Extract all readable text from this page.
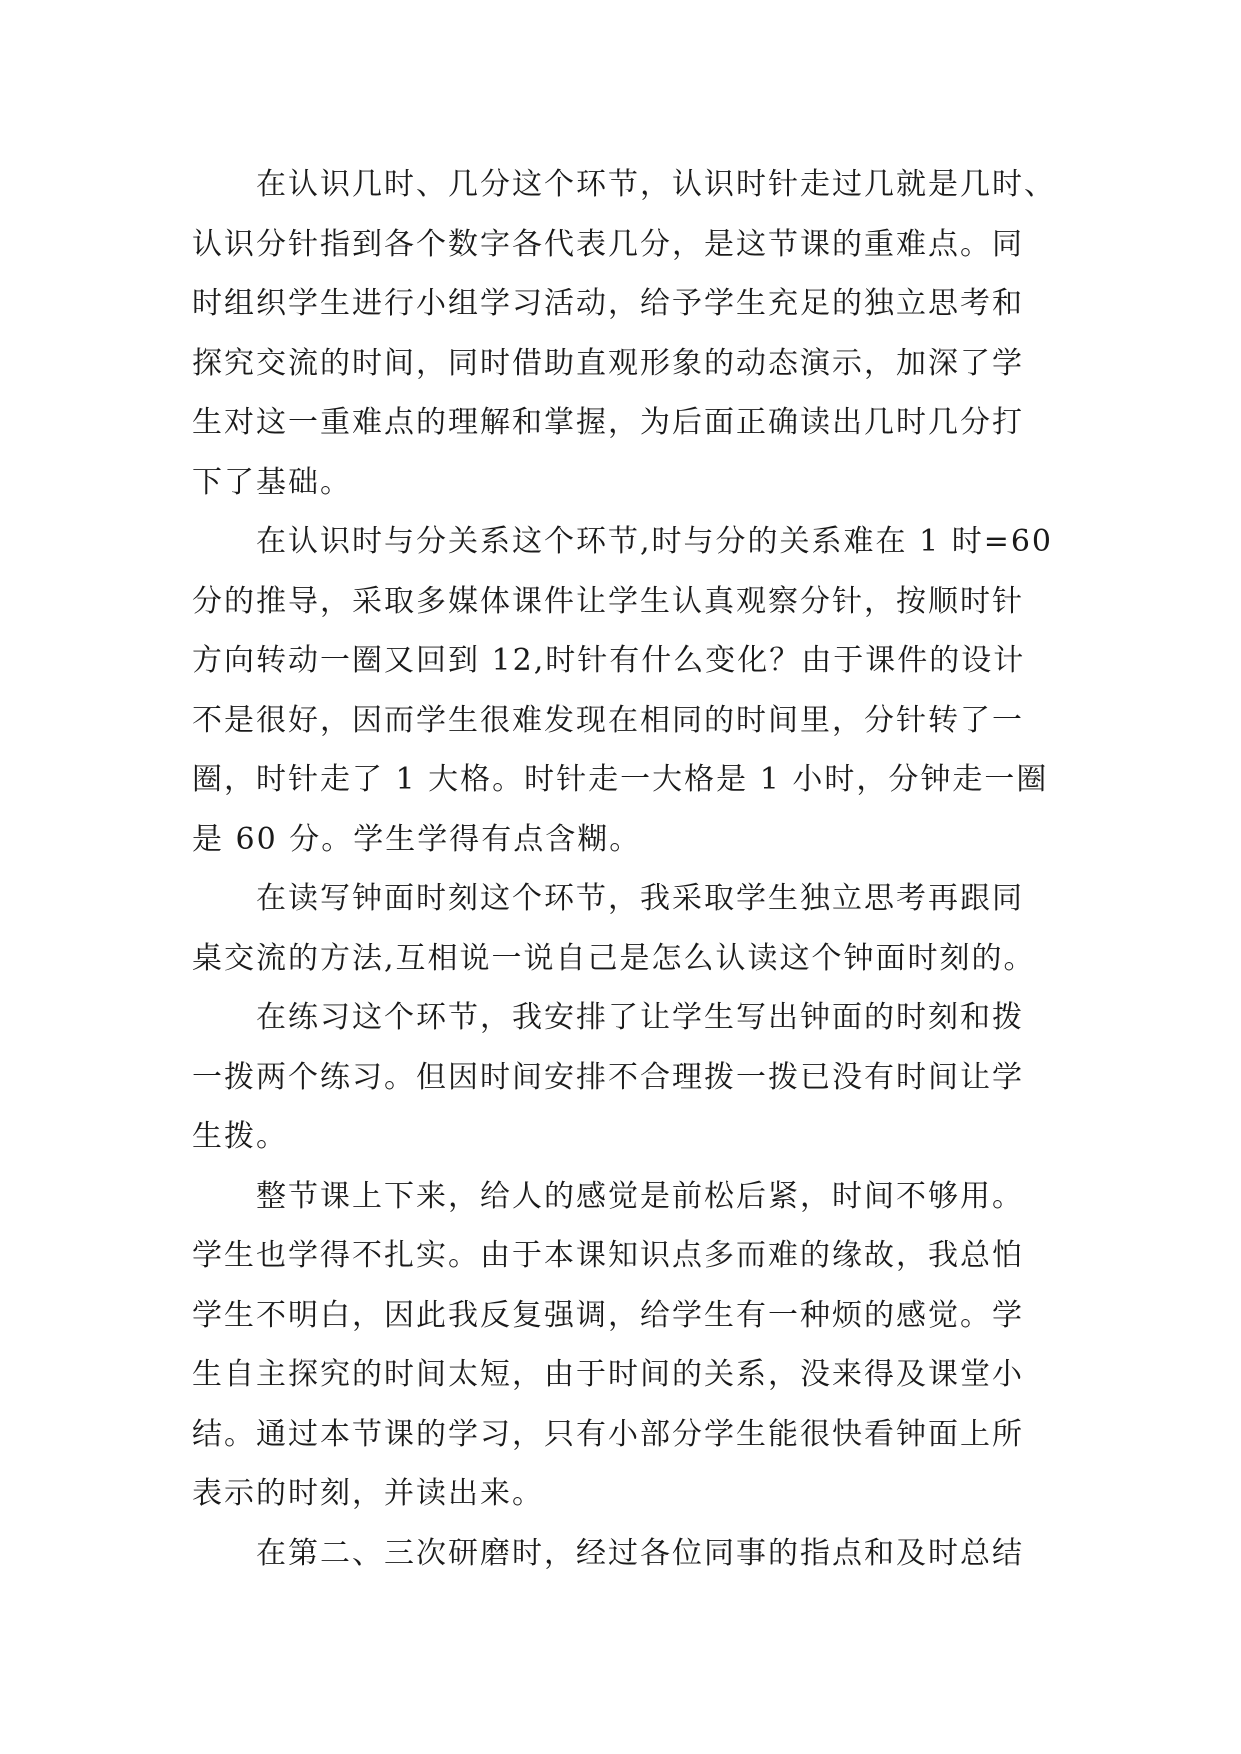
在认识几时、几分这个环节，认识时针走过几就是几时、
认识分针指到各个数字各代表几分，是这节课的重难点。同
时组织学生进行小组学习活动，给予学生充足的独立思考和
探究交流的时间，同时借助直观形象的动态演示，加深了学
生对这一重难点的理解和掌握，为后面正确读出几时几分打
下了基础。
在认识时与分关系这个环节,时与分的关系难在 1 时=60
分的推导，采取多媒体课件让学生认真观察分针，按顺时针
方向转动一圈又回到 12,时针有什么变化？由于课件的设计
不是很好，因而学生很难发现在相同的时间里，分针转了一
圈，时针走了 1 大格。时针走一大格是 1 小时，分钟走一圈
是 60 分。学生学得有点含糊。
在读写钟面时刻这个环节，我采取学生独立思考再跟同
桌交流的方法,互相说一说自己是怎么认读这个钟面时刻的。
在练习这个环节，我安排了让学生写出钟面的时刻和拨
一拨两个练习。但因时间安排不合理拨一拨已没有时间让学
生拨。
整节课上下来，给人的感觉是前松后紧，时间不够用。
学生也学得不扎实。由于本课知识点多而难的缘故，我总怕
学生不明白，因此我反复强调，给学生有一种烦的感觉。学
生自主探究的时间太短，由于时间的关系，没来得及课堂小
结。通过本节课的学习，只有小部分学生能很快看钟面上所
表示的时刻，并读出来。
在第二、三次研磨时，经过各位同事的指点和及时总结
